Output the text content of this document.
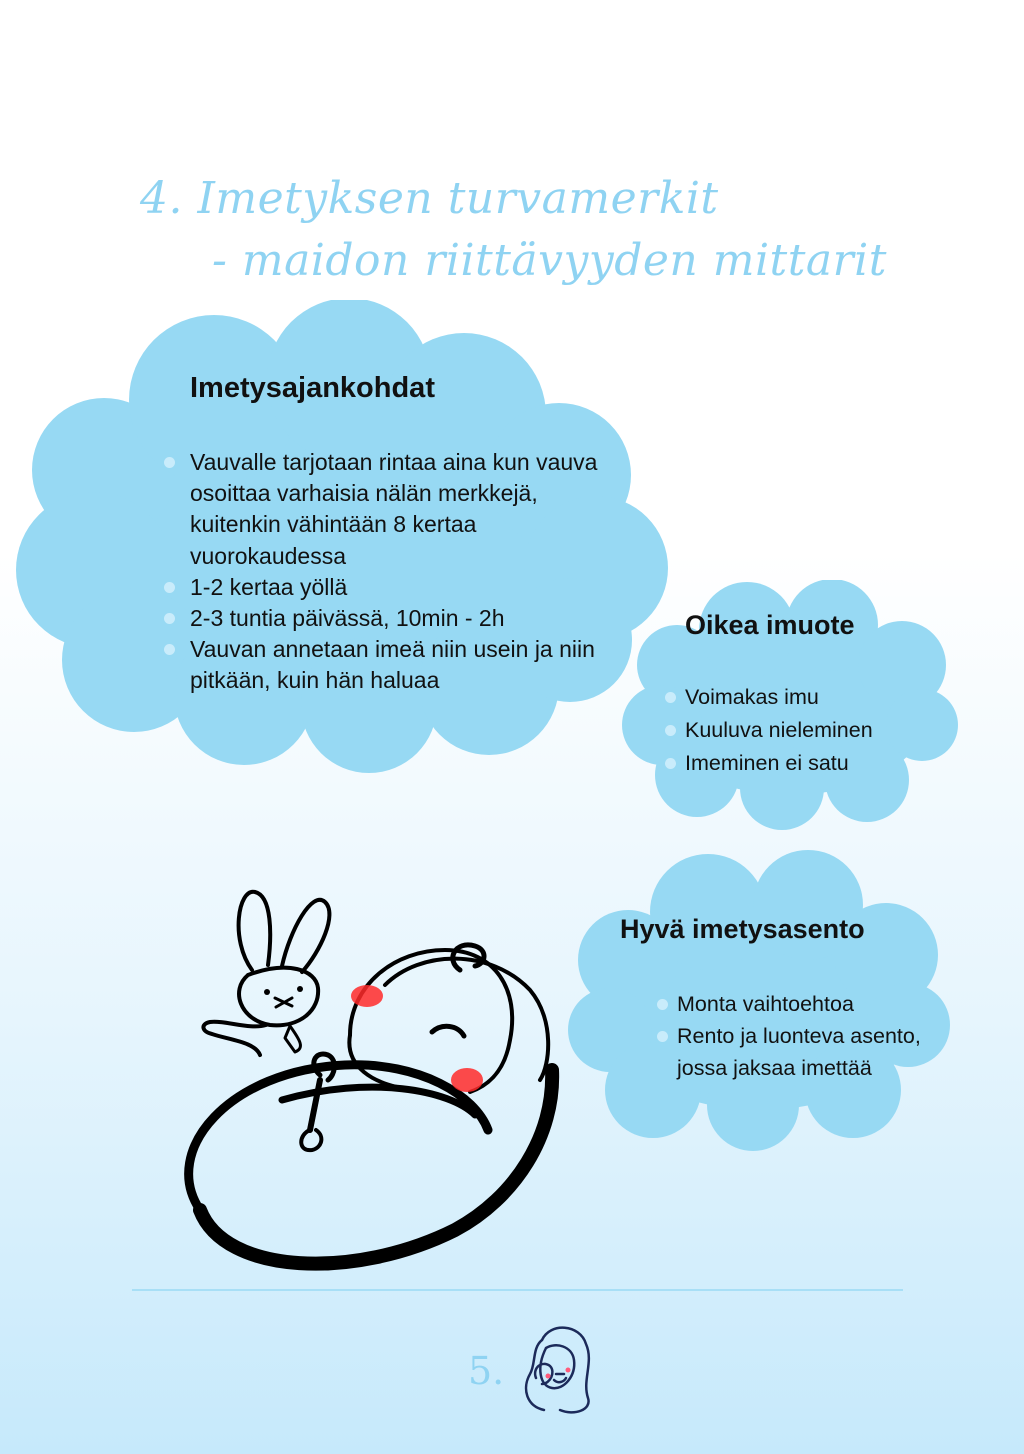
4. Imetyksen turvamerkit
- maidon riittävyyden mittarit
Imetysajankohdat
Vauvalle tarjotaan rintaa aina kun vauva osoittaa varhaisia nälän merkkejä, kuitenkin vähintään 8 kertaa vuorokaudessa
1-2 kertaa yöllä
2-3 tuntia päivässä, 10min - 2h
Vauvan annetaan imeä niin usein ja niin pitkään, kuin hän haluaa
Oikea imuote
Voimakas imu
Kuuluva nieleminen
Imeminen ei satu
Hyvä imetysasento
Monta vaihtoehtoa
Rento ja luonteva asento, jossa jaksaa imettää
5.
